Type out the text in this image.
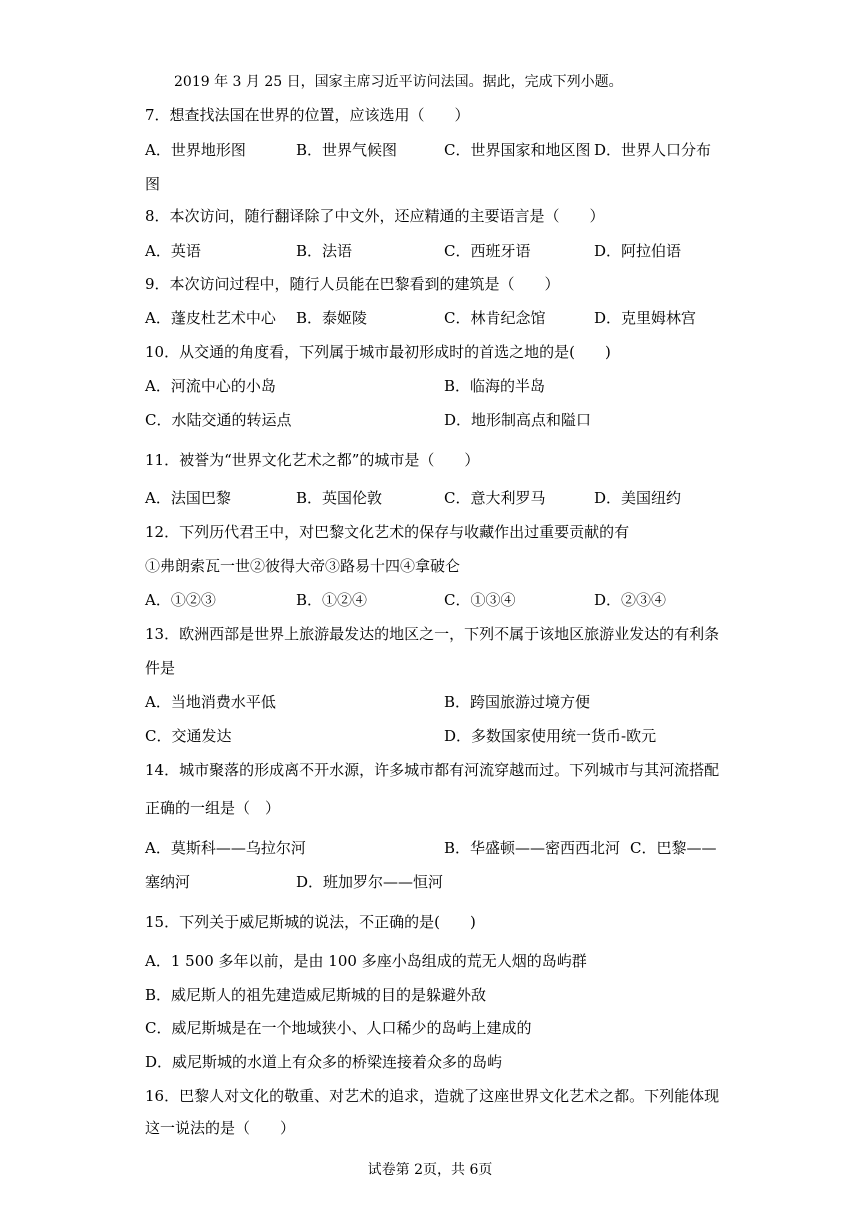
2019 年 3 月 25 日，国家主席习近平访问法国。据此，完成下列小题。
7．想查找法国在世界的位置，应该选用（　　）
A．世界地形图	B．世界气候图	C．世界国家和地区图 D．世界人口分布
图
8．本次访问，随行翻译除了中文外，还应精通的主要语言是（　　）
A．英语	B．法语	C．西班牙语	D．阿拉伯语
9．本次访问过程中，随行人员能在巴黎看到的建筑是（　　）
A．蓬皮杜艺术中心 B．泰姬陵	C．林肯纪念馆	D．克里姆林宫
10．从交通的角度看，下列属于城市最初形成时的首选之地的是(　　)
A．河流中心的小岛	B．临海的半岛
C．水陆交通的转运点	D．地形制高点和隘口
11．被誉为“世界文化艺术之都”的城市是（　　）
A．法国巴黎	B．英国伦敦	C．意大利罗马	D．美国纽约
12．下列历代君王中，对巴黎文化艺术的保存与收藏作出过重要贡献的有
①弗朗索瓦一世②彼得大帝③路易十四④拿破仑
A．①②③	B．①②④	C．①③④	D．②③④
13．欧洲西部是世界上旅游最发达的地区之一，下列不属于该地区旅游业发达的有利条
件是
A．当地消费水平低	B．跨国旅游过境方便
C．交通发达	D．多数国家使用统一货币-欧元
14．城市聚落的形成离不开水源，许多城市都有河流穿越而过。下列城市与其河流搭配
正确的一组是（　）
A．莫斯科——乌拉尔河	B．华盛顿——密西西北河 C．巴黎——
塞纳河	D．班加罗尔——恒河
15．下列关于威尼斯城的说法，不正确的是(　　)
A．1 500 多年以前，是由 100 多座小岛组成的荒无人烟的岛屿群
B．威尼斯人的祖先建造威尼斯城的目的是躲避外敌
C．威尼斯城是在一个地域狭小、人口稀少的岛屿上建成的
D．威尼斯城的水道上有众多的桥梁连接着众多的岛屿
16．巴黎人对文化的敬重、对艺术的追求，造就了这座世界文化艺术之都。下列能体现
这一说法的是（　　）
试卷第 2页，共 6页
